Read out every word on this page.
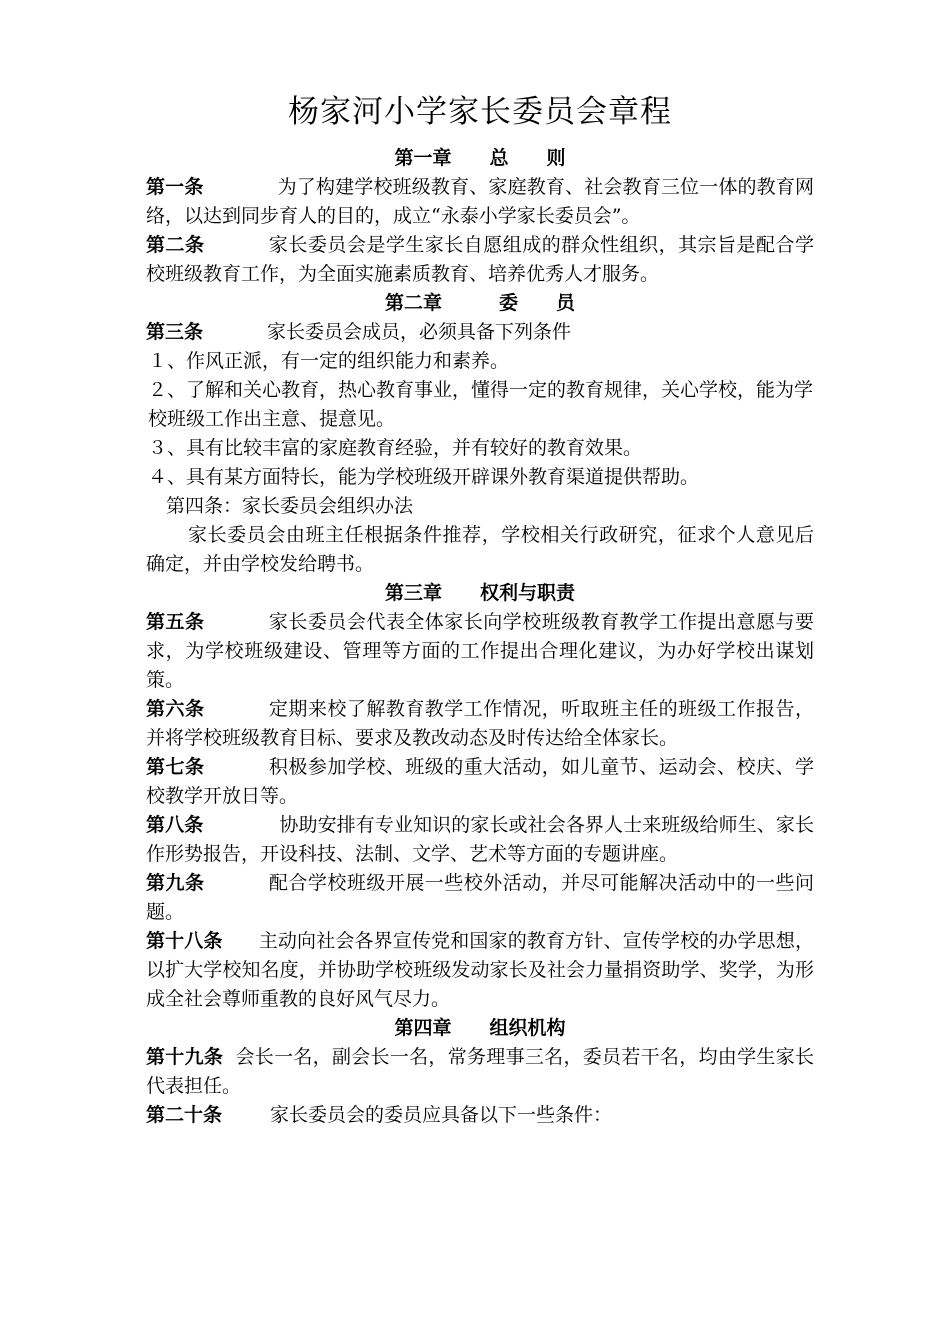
杨家河小学家长委员会章程

第一章　　总　　则

第一条	为了构建学校班级教育、家庭教育、社会教育三位一体的教育网络，以达到同步育人的目的，成立“永泰小学家长委员会”。

第二条	家长委员会是学生家长自愿组成的群众性组织，其宗旨是配合学校班级教育工作，为全面实施素质教育、培养优秀人才服务。

第二章　　　委　　员

第三条	家长委员会成员，必须具备下列条件

１、作风正派，有一定的组织能力和素养。

２、了解和关心教育，热心教育事业，懂得一定的教育规律，关心学校，能为学校班级工作出主意、提意见。

３、具有比较丰富的家庭教育经验，并有较好的教育效果。

４、具有某方面特长，能为学校班级开辟课外教育渠道提供帮助。

第四条：家长委员会组织办法

家长委员会由班主任根据条件推荐，学校相关行政研究，征求个人意见后确定，并由学校发给聘书。

第三章　　权利与职责

第五条	家长委员会代表全体家长向学校班级教育教学工作提出意愿与要求，为学校班级建设、管理等方面的工作提出合理化建议，为办好学校出谋划策。

第六条	定期来校了解教育教学工作情况，听取班主任的班级工作报告，并将学校班级教育目标、要求及教改动态及时传达给全体家长。

第七条	积极参加学校、班级的重大活动，如儿童节、运动会、校庆、学校教学开放日等。

第八条	协助安排有专业知识的家长或社会各界人士来班级给师生、家长作形势报告，开设科技、法制、文学、艺术等方面的专题讲座。

第九条	配合学校班级开展一些校外活动，并尽可能解决活动中的一些问题。

第十八条 主动向社会各界宣传党和国家的教育方针、宣传学校的办学思想，以扩大学校知名度，并协助学校班级发动家长及社会力量捐资助学、奖学，为形成全社会尊师重教的良好风气尽力。

第四章　　组织机构

第十九条 会长一名，副会长一名，常务理事三名，委员若干名，均由学生家长代表担任。

第二十条	家长委员会的委员应具备以下一些条件：
